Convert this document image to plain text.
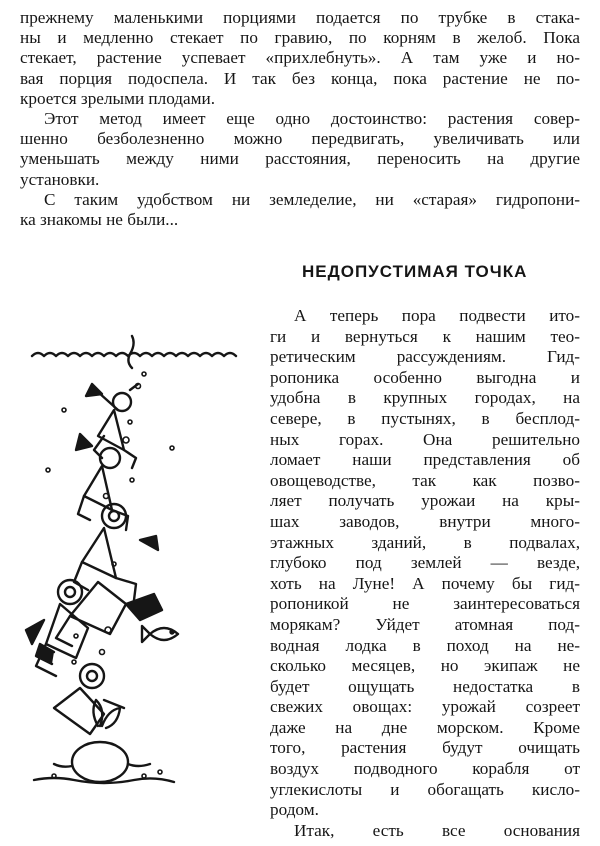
прежнему маленькими порциями подается по трубке в стака-
ны и медленно стекает по гравию, по корням в желоб. Пока
стекает, растение успевает «прихлебнуть». А там уже и но-
вая порция подоспела. И так без конца, пока растение не по-
кроется зрелыми плодами.
Этот метод имеет еще одно достоинство: растения совер-
шенно безболезненно можно передвигать, увеличивать или
уменьшать между ними расстояния, переносить на другие
установки.
С таким удобством ни земледелие, ни «старая» гидропони-
ка знакомы не были...
НЕДОПУСТИМАЯ ТОЧКА
А теперь пора подвести ито-
ги и вернуться к нашим тео-
ретическим рассуждениям. Гид-
ропоника особенно выгодна и
удобна в крупных городах, на
севере, в пустынях, в бесплод-
ных горах. Она решительно
ломает наши представления об
овощеводстве, так как позво-
ляет получать урожаи на кры-
шах заводов, внутри много-
этажных зданий, в подвалах,
глубоко под землей — везде,
хоть на Луне! А почему бы гид-
ропоникой не заинтересоваться
морякам? Уйдет атомная под-
водная лодка в поход на не-
сколько месяцев, но экипаж не
будет ощущать недостатка в
свежих овощах: урожай созреет
даже на дне морском. Кроме
того, растения будут очищать
воздух подводного корабля от
углекислоты и обогащать кисло-
родом.
Итак, есть все основания
